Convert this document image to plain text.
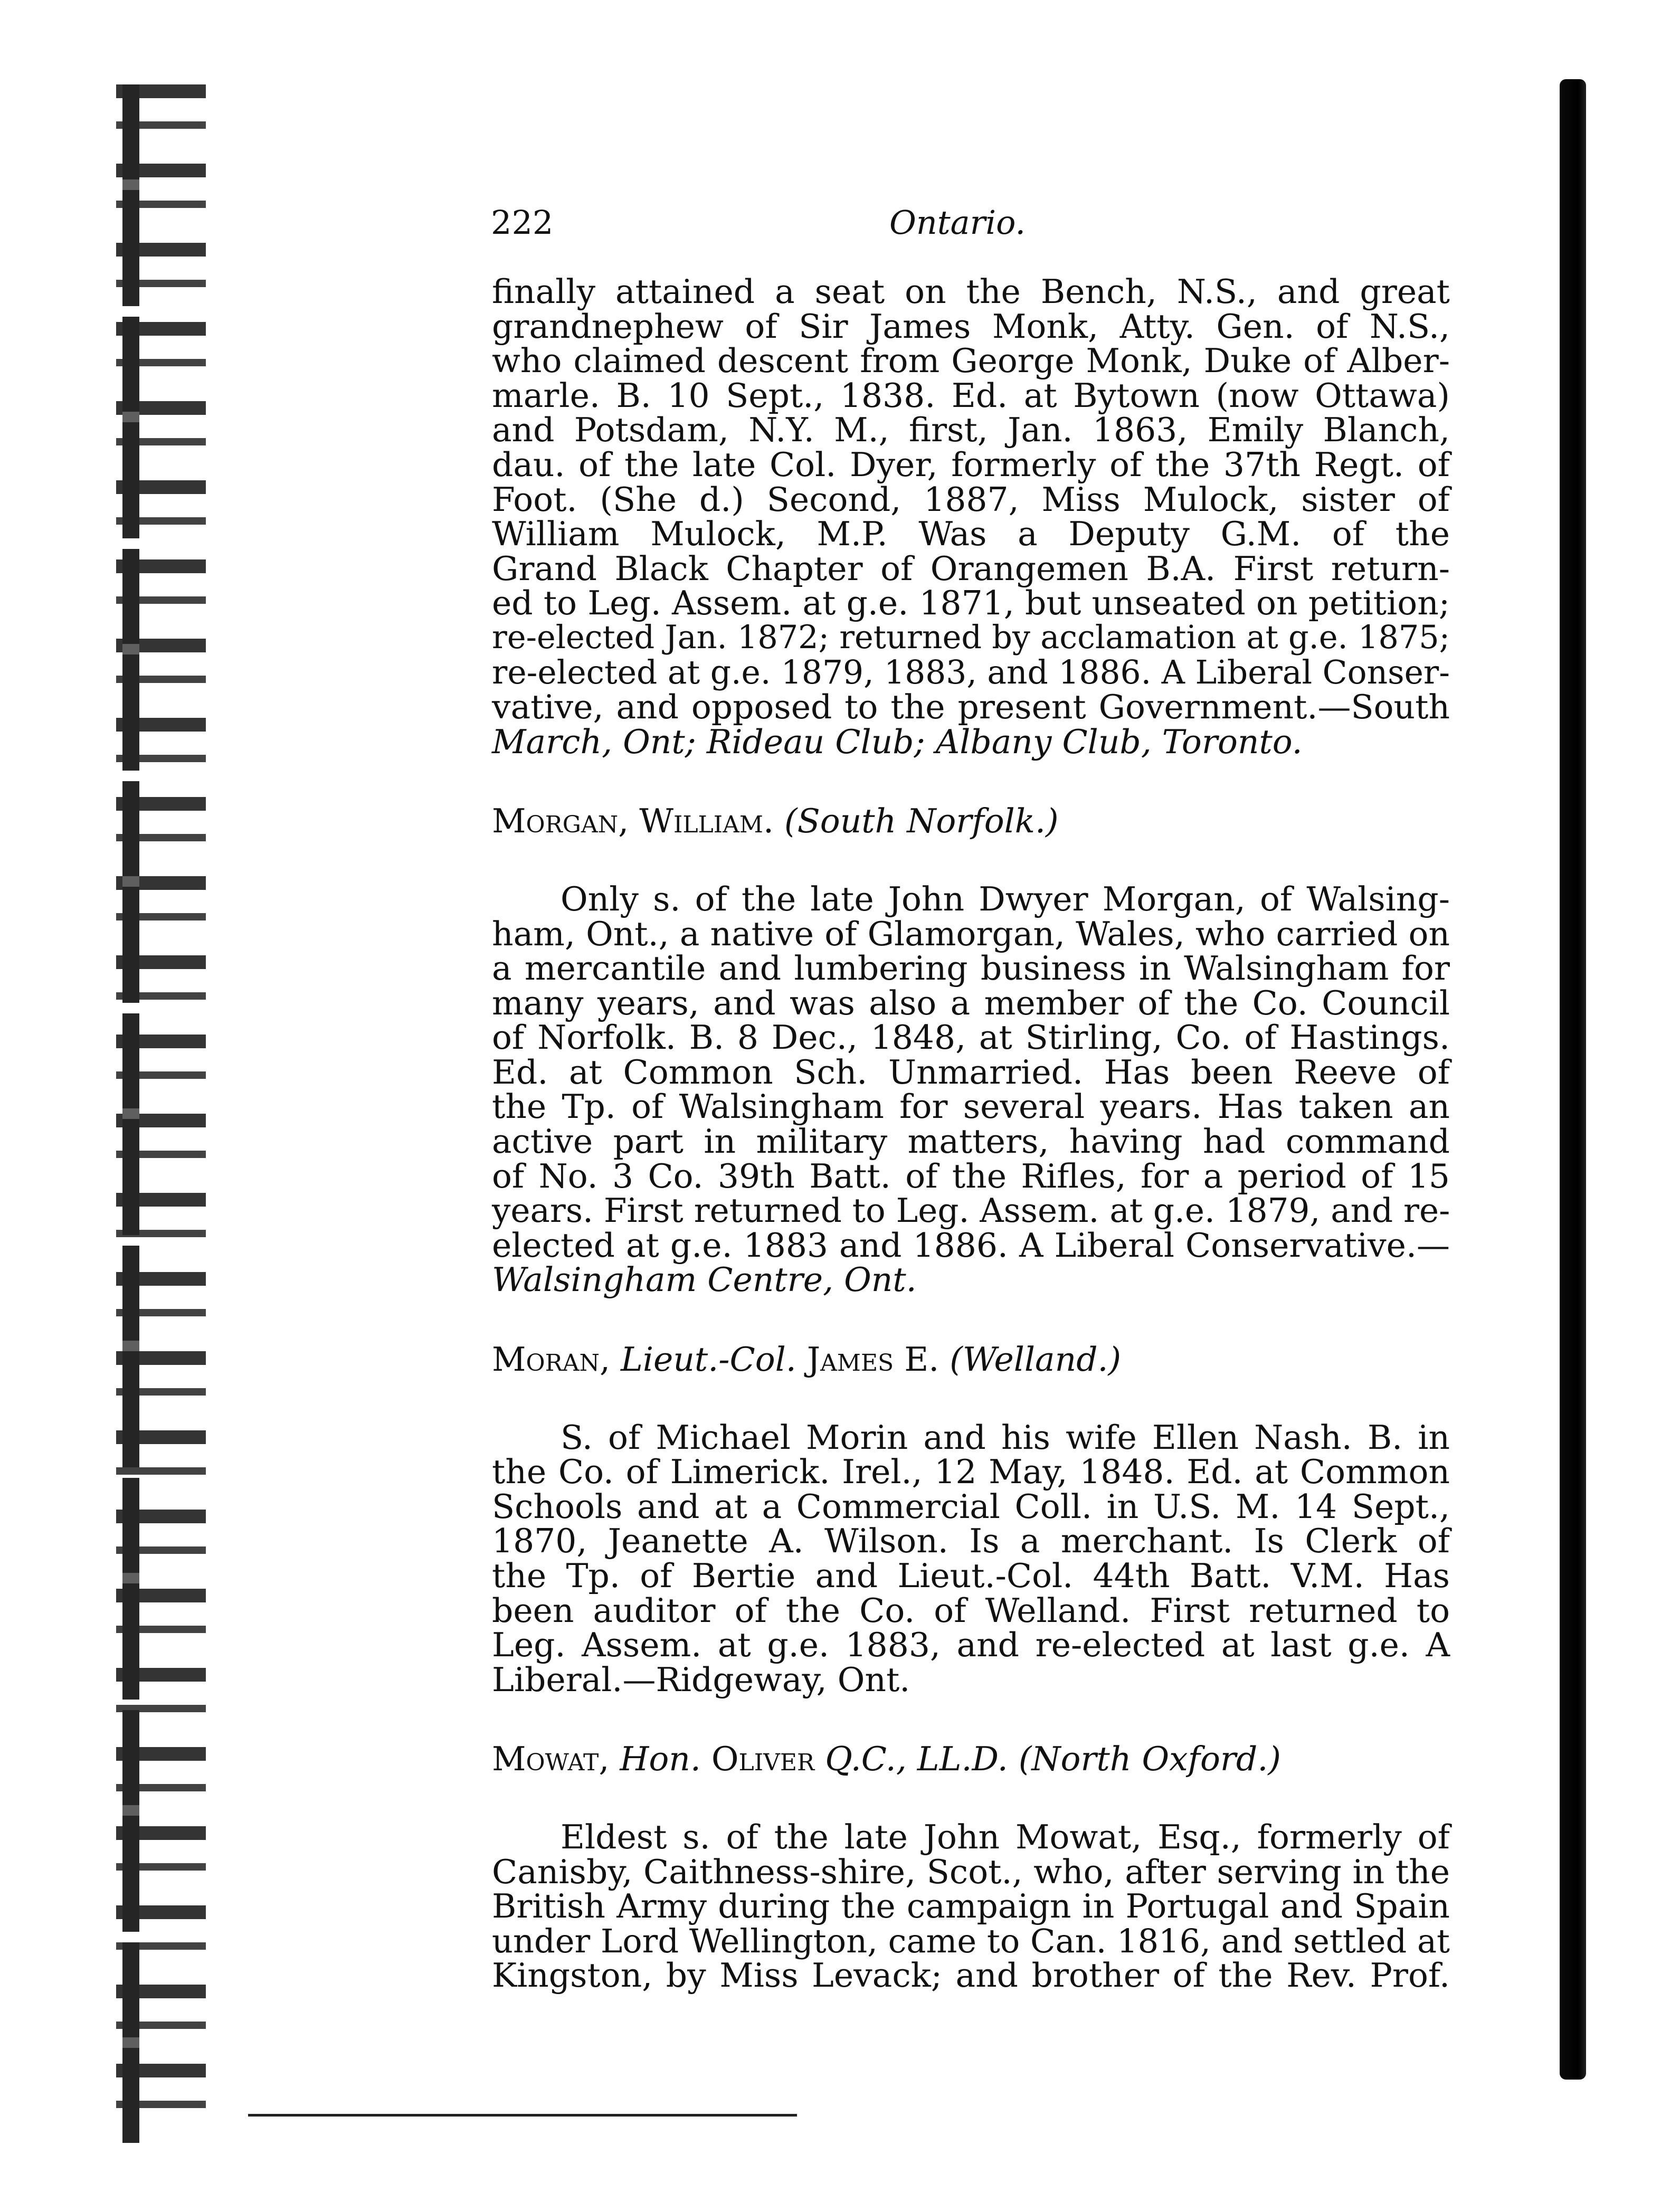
222	Ontario.
finally attained a seat on the Bench, N.S., and great
grandnephew of Sir James Monk, Atty. Gen. of N.S.,
who claimed descent from George Monk, Duke of Alber-
marle. B. 10 Sept., 1838. Ed. at Bytown (now Ottawa)
and Potsdam, N.Y. M., first, Jan. 1863, Emily Blanch,
dau. of the late Col. Dyer, formerly of the 37th Regt. of
Foot. (She d.) Second, 1887, Miss Mulock, sister of
William Mulock, M.P. Was a Deputy G.M. of the
Grand Black Chapter of Orangemen B.A. First return-
ed to Leg. Assem. at g.e. 1871, but unseated on petition;
re-elected Jan. 1872; returned by acclamation at g.e. 1875;
re-elected at g.e. 1879, 1883, and 1886. A Liberal Conser-
vative, and opposed to the present Government.—South
March, Ont; Rideau Club; Albany Club, Toronto.
Morgan, William. (South Norfolk.)
Only s. of the late John Dwyer Morgan, of Walsing-
ham, Ont., a native of Glamorgan, Wales, who carried on
a mercantile and lumbering business in Walsingham for
many years, and was also a member of the Co. Council
of Norfolk. B. 8 Dec., 1848, at Stirling, Co. of Hastings.
Ed. at Common Sch. Unmarried. Has been Reeve of
the Tp. of Walsingham for several years. Has taken an
active part in military matters, having had command
of No. 3 Co. 39th Batt. of the Rifles, for a period of 15
years. First returned to Leg. Assem. at g.e. 1879, and re-
elected at g.e. 1883 and 1886. A Liberal Conservative.—
Walsingham Centre, Ont.
Moran, Lieut.-Col. James E. (Welland.)
S. of Michael Morin and his wife Ellen Nash. B. in
the Co. of Limerick. Irel., 12 May, 1848. Ed. at Common
Schools and at a Commercial Coll. in U.S. M. 14 Sept.,
1870, Jeanette A. Wilson. Is a merchant. Is Clerk of
the Tp. of Bertie and Lieut.-Col. 44th Batt. V.M. Has
been auditor of the Co. of Welland. First returned to
Leg. Assem. at g.e. 1883, and re-elected at last g.e. A
Liberal.—Ridgeway, Ont.
Mowat, Hon. Oliver Q.C., LL.D. (North Oxford.)
Eldest s. of the late John Mowat, Esq., formerly of
Canisby, Caithness-shire, Scot., who, after serving in the
British Army during the campaign in Portugal and Spain
under Lord Wellington, came to Can. 1816, and settled at
Kingston, by Miss Levack; and brother of the Rev. Prof.
